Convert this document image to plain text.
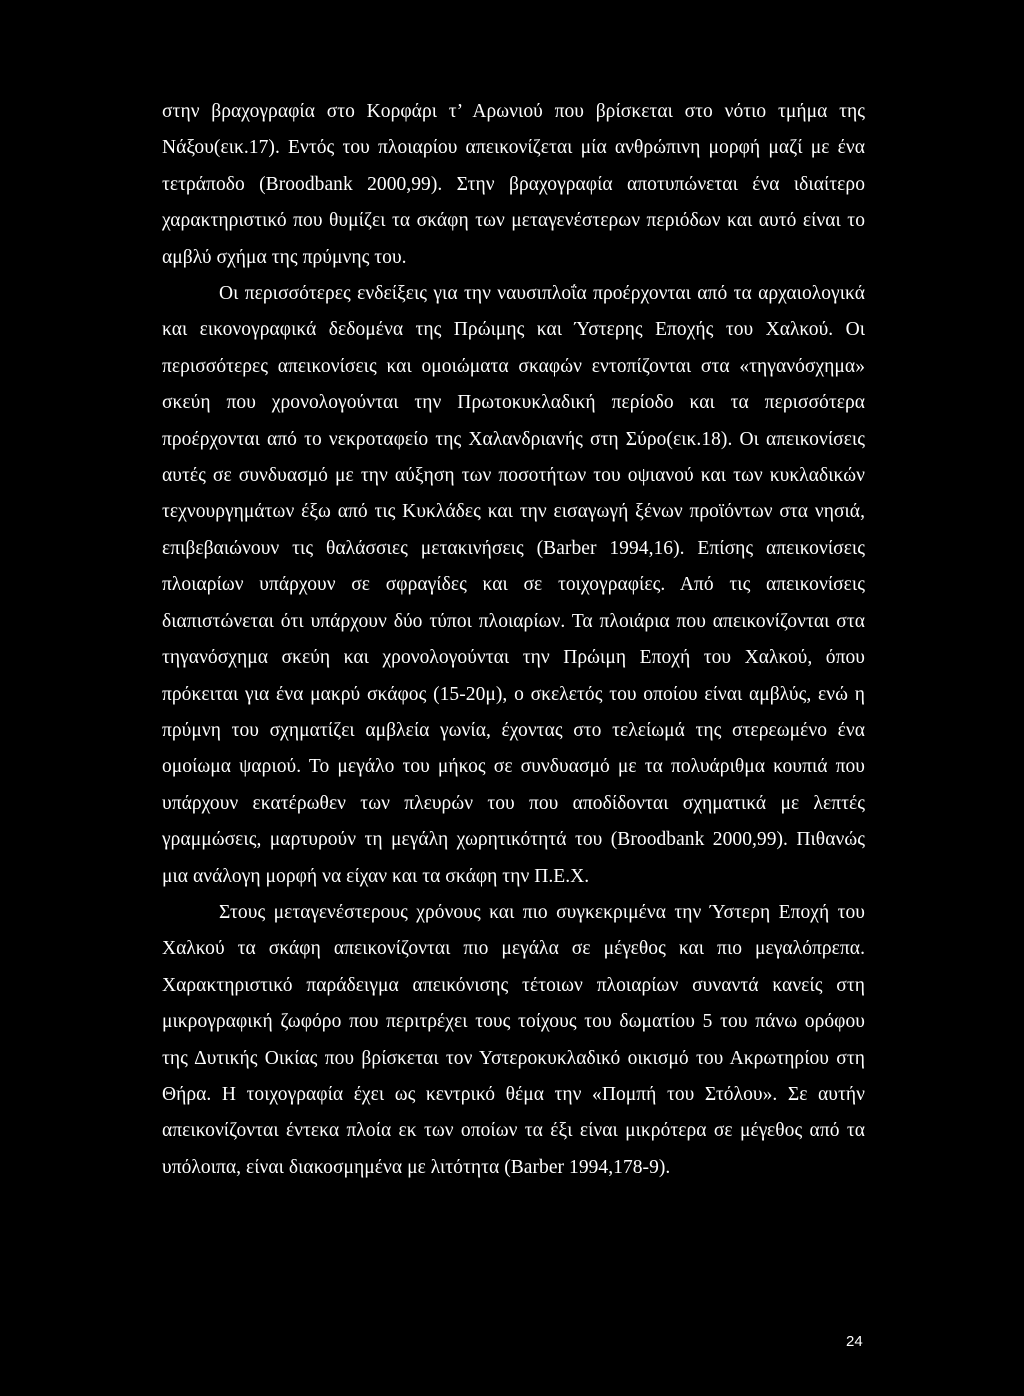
στην βραχογραφία στο Κορφάρι τ’ Αρωνιού που βρίσκεται στο νότιο τμήμα της Νάξου(εικ.17). Εντός του πλοιαρίου απεικονίζεται μία ανθρώπινη μορφή μαζί με ένα τετράποδο (Broodbank 2000,99). Στην βραχογραφία αποτυπώνεται ένα ιδιαίτερο χαρακτηριστικό που θυμίζει τα σκάφη των μεταγενέστερων περιόδων και αυτό είναι το αμβλύ σχήμα της πρύμνης του.

Οι περισσότερες ενδείξεις για την ναυσιπλοΐα προέρχονται από τα αρχαιολογικά και εικονογραφικά δεδομένα της Πρώιμης και Ύστερης Εποχής του Χαλκού. Οι περισσότερες απεικονίσεις και ομοιώματα σκαφών εντοπίζονται στα «τηγανόσχημα» σκεύη που χρονολογούνται την Πρωτοκυκλαδική περίοδο και τα περισσότερα προέρχονται από το νεκροταφείο της Χαλανδριανής στη Σύρο(εικ.18). Οι απεικονίσεις αυτές σε συνδυασμό με την αύξηση των ποσοτήτων του οψιανού και των κυκλαδικών τεχνουργημάτων έξω από τις Κυκλάδες και την εισαγωγή ξένων προϊόντων στα νησιά, επιβεβαιώνουν τις θαλάσσιες μετακινήσεις (Barber 1994,16). Επίσης απεικονίσεις πλοιαρίων υπάρχουν σε σφραγίδες και σε τοιχογραφίες. Από τις απεικονίσεις διαπιστώνεται ότι υπάρχουν δύο τύποι πλοιαρίων. Τα πλοιάρια που απεικονίζονται στα τηγανόσχημα σκεύη και χρονολογούνται την Πρώιμη Εποχή του Χαλκού, όπου πρόκειται για ένα μακρύ σκάφος (15-20μ), ο σκελετός του οποίου είναι αμβλύς, ενώ η πρύμνη του σχηματίζει αμβλεία γωνία, έχοντας στο τελείωμά της στερεωμένο ένα ομοίωμα ψαριού. Το μεγάλο του μήκος σε συνδυασμό με τα πολυάριθμα κουπιά που υπάρχουν εκατέρωθεν των πλευρών του που αποδίδονται σχηματικά με λεπτές γραμμώσεις, μαρτυρούν τη μεγάλη χωρητικότητά του (Broodbank 2000,99). Πιθανώς μια ανάλογη μορφή να είχαν και τα σκάφη την Π.Ε.Χ.

Στους μεταγενέστερους χρόνους και πιο συγκεκριμένα την Ύστερη Εποχή του Χαλκού τα σκάφη απεικονίζονται πιο μεγάλα σε μέγεθος και πιο μεγαλόπρεπα. Χαρακτηριστικό παράδειγμα απεικόνισης τέτοιων πλοιαρίων συναντά κανείς στη μικρογραφική ζωφόρο που περιτρέχει τους τοίχους του δωματίου 5 του πάνω ορόφου της Δυτικής Οικίας που βρίσκεται τον Υστεροκυκλαδικό οικισμό του Ακρωτηρίου στη Θήρα. Η τοιχογραφία έχει ως κεντρικό θέμα την «Πομπή του Στόλου». Σε αυτήν απεικονίζονται έντεκα πλοία εκ των οποίων τα έξι είναι μικρότερα σε μέγεθος από τα υπόλοιπα, είναι διακοσμημένα με λιτότητα (Barber 1994,178-9).

24
